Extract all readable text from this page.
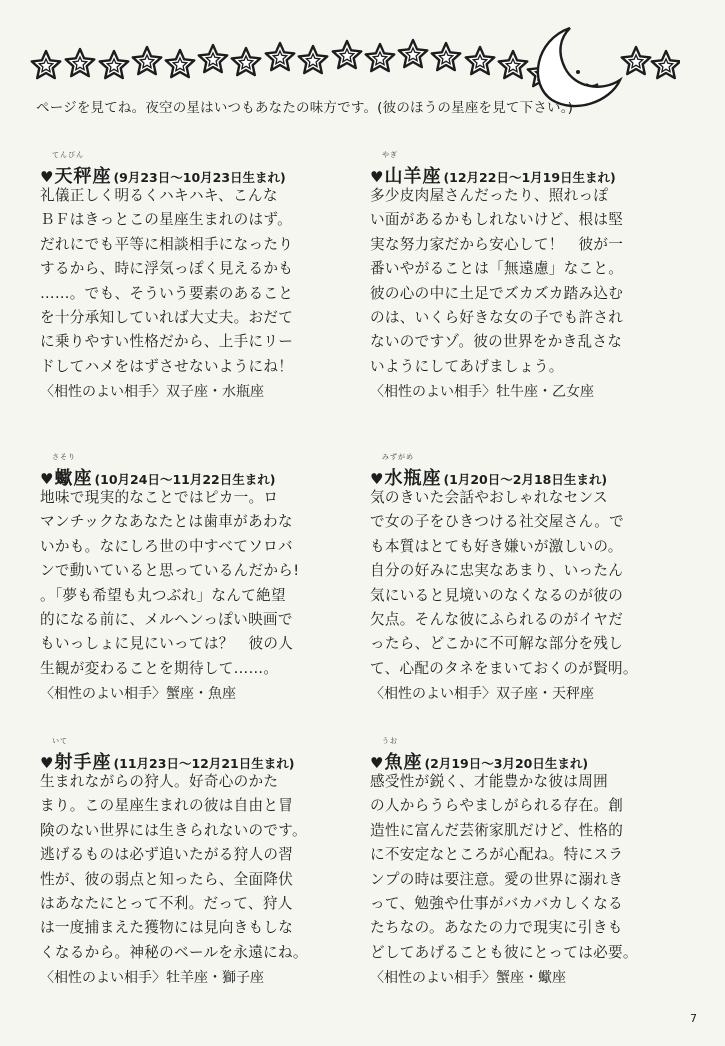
ページを見てね。夜空の星はいつもあなたの味方です。(彼のほうの星座を見て下さい。)
てんびん
♥ 天秤座 (9月23日〜10月23日生まれ)
礼儀正しく明るくハキハキ、こんな
ＢＦはきっとこの星座生まれのはず。
だれにでも平等に相談相手になったり
するから、時に浮気っぽく見えるかも
……。でも、そういう要素のあること
を十分承知していれば大丈夫。おだて
に乗りやすい性格だから、上手にリー
ドしてハメをはずさせないようにね！
〈相性のよい相手〉双子座・水瓶座
やぎ
♥ 山羊座 (12月22日〜1月19日生まれ)
多少皮肉屋さんだったり、照れっぽ
い面があるかもしれないけど、根は堅
実な努力家だから安心して！　彼が一
番いやがることは「無遠慮」なこと。
彼の心の中に土足でズカズカ踏み込む
のは、いくら好きな女の子でも許され
ないのですゾ。彼の世界をかき乱さな
いようにしてあげましょう。
〈相性のよい相手〉牡牛座・乙女座
さそり
♥ 蠍座 (10月24日〜11月22日生まれ)
地味で現実的なことではピカ一。ロ
マンチックなあなたとは歯車があわな
いかも。なにしろ世の中すべてソロバ
ンで動いていると思っているんだから!
。「夢も希望も丸つぶれ」なんて絶望
的になる前に、メルヘンっぽい映画で
もいっしょに見にいっては？　彼の人
生観が変わることを期待して……。
〈相性のよい相手〉蟹座・魚座
みずがめ
♥ 水瓶座 (1月20日〜2月18日生まれ)
気のきいた会話やおしゃれなセンス
で女の子をひきつける社交屋さん。で
も本質はとても好き嫌いが激しいの。
自分の好みに忠実なあまり、いったん
気にいると見境いのなくなるのが彼の
欠点。そんな彼にふられるのがイヤだ
ったら、どこかに不可解な部分を残し
て、心配のタネをまいておくのが賢明。
〈相性のよい相手〉双子座・天秤座
いて
♥ 射手座 (11月23日〜12月21日生まれ)
生まれながらの狩人。好奇心のかた
まり。この星座生まれの彼は自由と冒
険のない世界には生きられないのです。
逃げるものは必ず追いたがる狩人の習
性が、彼の弱点と知ったら、全面降伏
はあなたにとって不利。だって、狩人
は一度捕まえた獲物には見向きもしな
くなるから。神秘のベールを永遠にね。
〈相性のよい相手〉牡羊座・獅子座
うお
♥ 魚座 (2月19日〜3月20日生まれ)
感受性が鋭く、才能豊かな彼は周囲
の人からうらやましがられる存在。創
造性に富んだ芸術家肌だけど、性格的
に不安定なところが心配ね。特にスラ
ンプの時は要注意。愛の世界に溺れき
って、勉強や仕事がバカバカしくなる
たちなの。あなたの力で現実に引きも
どしてあげることも彼にとっては必要。
〈相性のよい相手〉蟹座・蠍座
7
